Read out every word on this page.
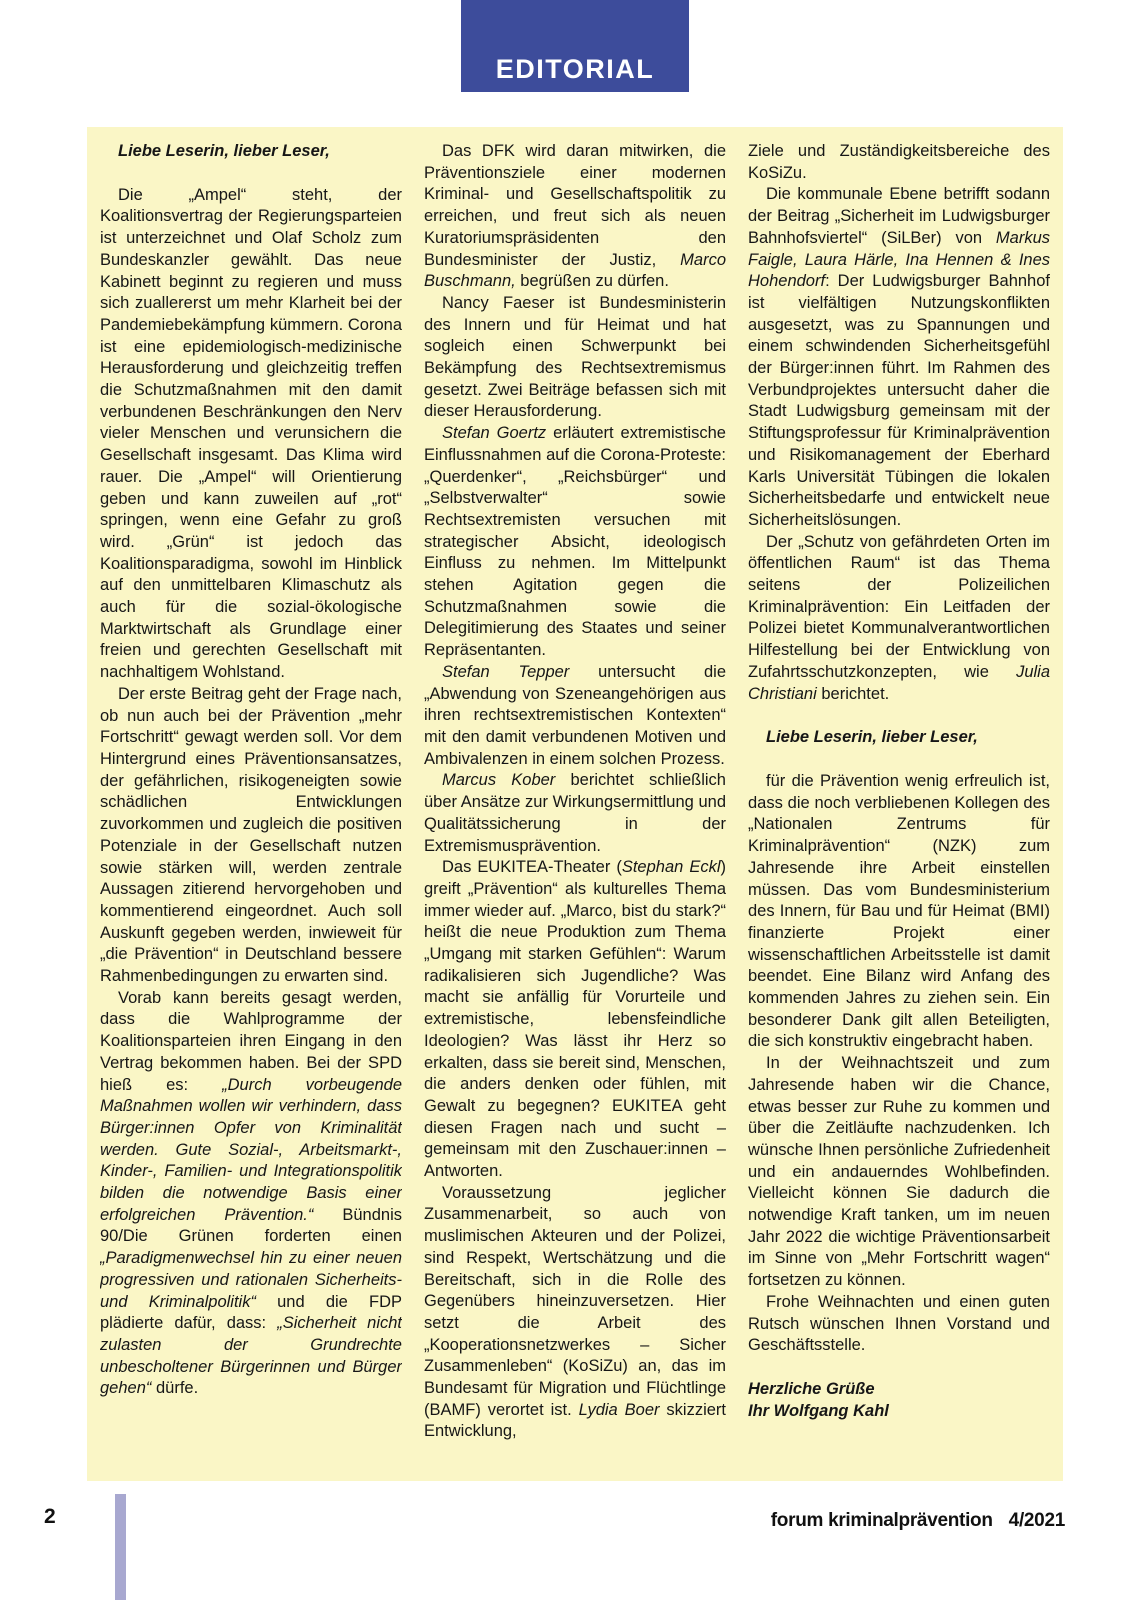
EDITORIAL

Liebe Leserin, lieber Leser,

Die „Ampel“ steht, der Koalitionsvertrag der Regierungsparteien ist unterzeichnet und Olaf Scholz zum Bundeskanzler gewählt. Das neue Kabinett beginnt zu regieren und muss sich zuallererst um mehr Klarheit bei der Pandemiebekämpfung kümmern. Corona ist eine epidemiologisch-medizinische Herausforderung und gleichzeitig treffen die Schutzmaßnahmen mit den damit verbundenen Beschränkungen den Nerv vieler Menschen und verunsichern die Gesellschaft insgesamt. Das Klima wird rauer. Die „Ampel“ will Orientierung geben und kann zuweilen auf „rot“ springen, wenn eine Gefahr zu groß wird. „Grün“ ist jedoch das Koalitionsparadigma, sowohl im Hinblick auf den unmittelbaren Klimaschutz als auch für die sozial-ökologische Marktwirtschaft als Grundlage einer freien und gerechten Gesellschaft mit nachhaltigem Wohlstand.

Der erste Beitrag geht der Frage nach, ob nun auch bei der Prävention „mehr Fortschritt“ gewagt werden soll. Vor dem Hintergrund eines Präventionsansatzes, der gefährlichen, risikogeneigten sowie schädlichen Entwicklungen zuvorkommen und zugleich die positiven Potenziale in der Gesellschaft nutzen sowie stärken will, werden zentrale Aussagen zitierend hervorgehoben und kommentierend eingeordnet. Auch soll Auskunft gegeben werden, inwieweit für „die Prävention“ in Deutschland bessere Rahmenbedingungen zu erwarten sind.

Vorab kann bereits gesagt werden, dass die Wahlprogramme der Koalitionsparteien ihren Eingang in den Vertrag bekommen haben. Bei der SPD hieß es: „Durch vorbeugende Maßnahmen wollen wir verhindern, dass Bürger:innen Opfer von Kriminalität werden. Gute Sozial-, Arbeitsmarkt-, Kinder-, Familien- und Integrationspolitik bilden die notwendige Basis einer erfolgreichen Prävention.“ Bündnis 90/Die Grünen forderten einen „Paradigmenwechsel hin zu einer neuen progressiven und rationalen Sicherheits- und Kriminalpolitik“ und die FDP plädierte dafür, dass: „Sicherheit nicht zulasten der Grundrechte unbescholtener Bürgerinnen und Bürger gehen“ dürfe.

Das DFK wird daran mitwirken, die Präventionsziele einer modernen Kriminal- und Gesellschaftspolitik zu erreichen, und freut sich als neuen Kuratoriumspräsidenten den Bundesminister der Justiz, Marco Buschmann, begrüßen zu dürfen.

Nancy Faeser ist Bundesministerin des Innern und für Heimat und hat sogleich einen Schwerpunkt bei Bekämpfung des Rechtsextremismus gesetzt. Zwei Beiträge befassen sich mit dieser Herausforderung.

Stefan Goertz erläutert extremistische Einflussnahmen auf die Corona-Proteste: „Querdenker“, „Reichsbürger“ und „Selbstverwalter“ sowie Rechtsextremisten versuchen mit strategischer Absicht, ideologisch Einfluss zu nehmen. Im Mittelpunkt stehen Agitation gegen die Schutzmaßnahmen sowie die Delegitimierung des Staates und seiner Repräsentanten.

Stefan Tepper untersucht die „Abwendung von Szeneangehörigen aus ihren rechtsextremistischen Kontexten“ mit den damit verbundenen Motiven und Ambivalenzen in einem solchen Prozess.

Marcus Kober berichtet schließlich über Ansätze zur Wirkungsermittlung und Qualitätssicherung in der Extremismusprävention.

Das EUKITEA-Theater (Stephan Eckl) greift „Prävention“ als kulturelles Thema immer wieder auf. „Marco, bist du stark?“ heißt die neue Produktion zum Thema „Umgang mit starken Gefühlen“: Warum radikalisieren sich Jugendliche? Was macht sie anfällig für Vorurteile und extremistische, lebensfeindliche Ideologien? Was lässt ihr Herz so erkalten, dass sie bereit sind, Menschen, die anders denken oder fühlen, mit Gewalt zu begegnen? EUKITEA geht diesen Fragen nach und sucht – gemeinsam mit den Zuschauer:innen – Antworten.

Voraussetzung jeglicher Zusammenarbeit, so auch von muslimischen Akteuren und der Polizei, sind Respekt, Wertschätzung und die Bereitschaft, sich in die Rolle des Gegenübers hineinzuversetzen. Hier setzt die Arbeit des „Kooperationsnetzwerkes – Sicher Zusammenleben“ (KoSiZu) an, das im Bundesamt für Migration und Flüchtlinge (BAMF) verortet ist. Lydia Boer skizziert Entwicklung,

Ziele und Zuständigkeitsbereiche des KoSiZu.

Die kommunale Ebene betrifft sodann der Beitrag „Sicherheit im Ludwigsburger Bahnhofsviertel“ (SiLBer) von Markus Faigle, Laura Härle, Ina Hennen & Ines Hohendorf: Der Ludwigsburger Bahnhof ist vielfältigen Nutzungskonflikten ausgesetzt, was zu Spannungen und einem schwindenden Sicherheitsgefühl der Bürger:innen führt. Im Rahmen des Verbundprojektes untersucht daher die Stadt Ludwigsburg gemeinsam mit der Stiftungsprofessur für Kriminalprävention und Risikomanagement der Eberhard Karls Universität Tübingen die lokalen Sicherheitsbedarfe und entwickelt neue Sicherheitslösungen.

Der „Schutz von gefährdeten Orten im öffentlichen Raum“ ist das Thema seitens der Polizeilichen Kriminalprävention: Ein Leitfaden der Polizei bietet Kommunalverantwortlichen Hilfestellung bei der Entwicklung von Zufahrtsschutzkonzepten, wie Julia Christiani berichtet.

Liebe Leserin, lieber Leser,

für die Prävention wenig erfreulich ist, dass die noch verbliebenen Kollegen des „Nationalen Zentrums für Kriminalprävention“ (NZK) zum Jahresende ihre Arbeit einstellen müssen. Das vom Bundesministerium des Innern, für Bau und für Heimat (BMI) finanzierte Projekt einer wissenschaftlichen Arbeitsstelle ist damit beendet. Eine Bilanz wird Anfang des kommenden Jahres zu ziehen sein. Ein besonderer Dank gilt allen Beteiligten, die sich konstruktiv eingebracht haben.

In der Weihnachtszeit und zum Jahresende haben wir die Chance, etwas besser zur Ruhe zu kommen und über die Zeitläufte nachzudenken. Ich wünsche Ihnen persönliche Zufriedenheit und ein andauerndes Wohlbefinden. Vielleicht können Sie dadurch die notwendige Kraft tanken, um im neuen Jahr 2022 die wichtige Präventionsarbeit im Sinne von „Mehr Fortschritt wagen“ fortsetzen zu können.

Frohe Weihnachten und einen guten Rutsch wünschen Ihnen Vorstand und Geschäftsstelle.

Herzliche Grüße
Ihr Wolfgang Kahl

2	forum kriminalprävention 4/2021
